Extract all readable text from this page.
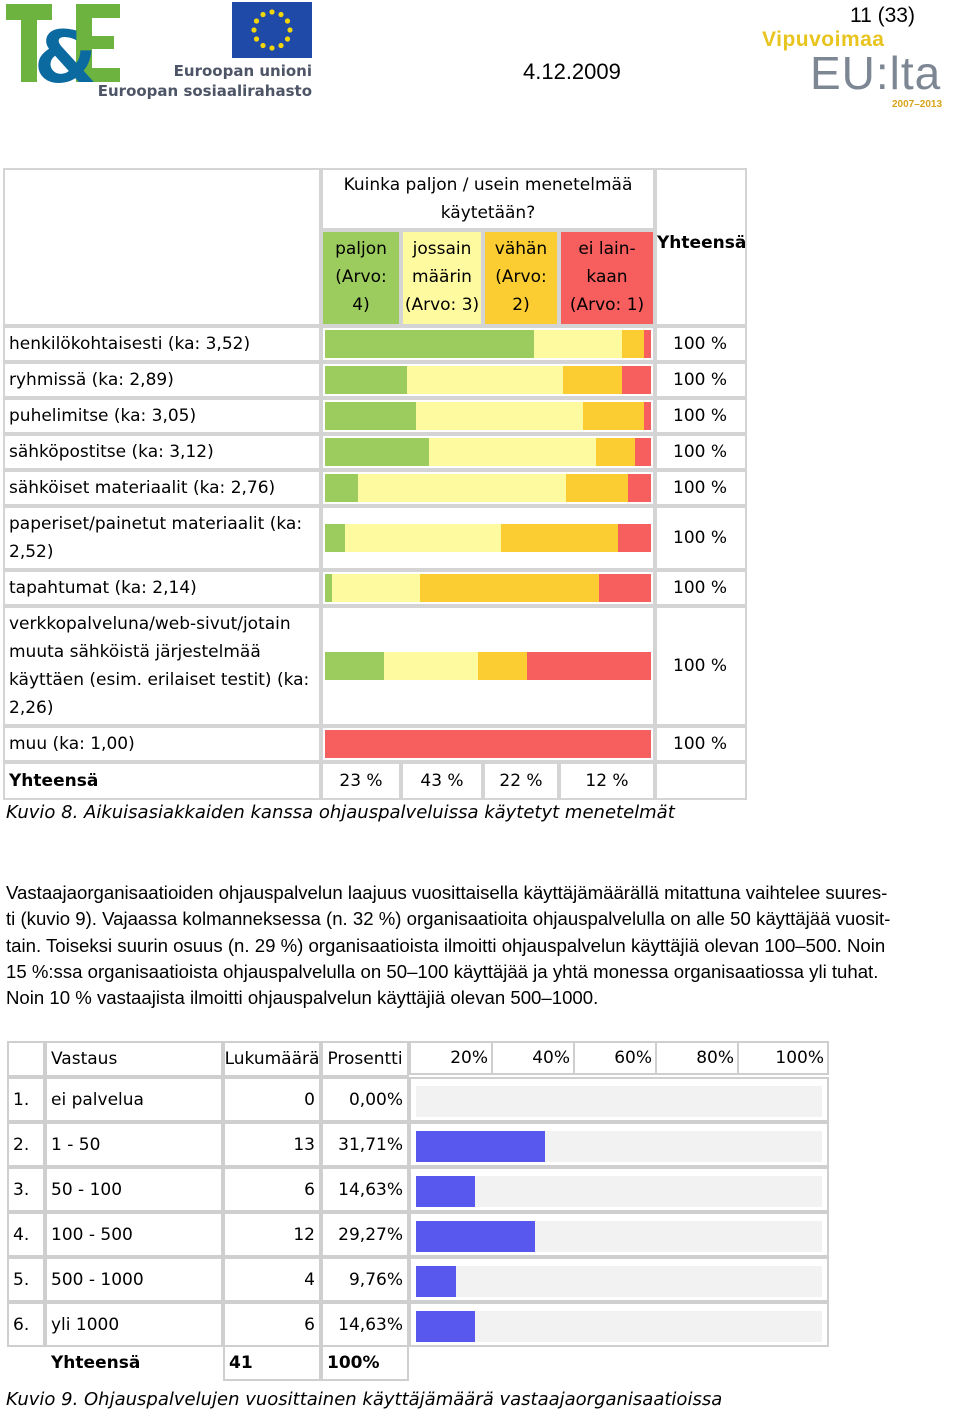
&	Euroopan unioni
Euroopan sosiaalirahasto
11 (33)
4.12.2009
Vipuvoimaa
EU:lta
2007–2013
Kuinka paljon / usein menetelmää käytetään?
paljon
(Arvo:
4)
jossain
määrin
(Arvo: 3)
vähän
(Arvo:
2)
ei lain-
kaan
(Arvo: 1)
Yhteensä
henkilökohtaisesti (ka: 3,52)	100 %
ryhmissä (ka: 2,89)	100 %
puhelimitse (ka: 3,05)	100 %
sähköpostitse (ka: 3,12)	100 %
sähköiset materiaalit (ka: 2,76)	100 %
paperiset/painetut materiaalit (ka: 2,52)
100 %
tapahtumat (ka: 2,14)	100 %
verkkopalveluna/web-sivut/jotain muuta sähköistä järjestelmää käyttäen (esim. erilaiset testit) (ka: 2,26)
100 %
muu (ka: 1,00)	100 %
Yhteensä	23 %	43 %	22 %	12 %
Kuvio 8. Aikuisasiakkaiden kanssa ohjauspalveluissa käytetyt menetelmät

Vastaajaorganisaatioiden ohjauspalvelun laajuus vuosittaisella käyttäjämäärällä mitattuna vaihtelee suures-

ti (kuvio 9). Vajaassa kolmanneksessa (n. 32 %) organisaatioita ohjauspalvelulla on alle 50 käyttäjää vuosit-

tain. Toiseksi suurin osuus (n. 29 %) organisaatioista ilmoitti ohjauspalvelun käyttäjiä olevan 100–500. Noin

15 %:ssa organisaatioista ohjauspalvelulla on 50–100 käyttäjää ja yhtä monessa organisaatiossa yli tuhat.

Noin 10 % vastaajista ilmoitti ohjauspalvelun käyttäjiä olevan 500–1000.

Vastaus	Lukumäärä Prosentti	20%	40%	60%	80%	100%
1.	ei palvelua	0	0,00%
2.	1 - 50	13	31,71%
3.	50 - 100	6	14,63%
4.	100 - 500	12	29,27%
5.	500 - 1000	4	9,76%
6.	yli 1000	6	14,63%
Yhteensä	41	100%
Kuvio 9. Ohjauspalvelujen vuosittainen käyttäjämäärä vastaajaorganisaatioissa
